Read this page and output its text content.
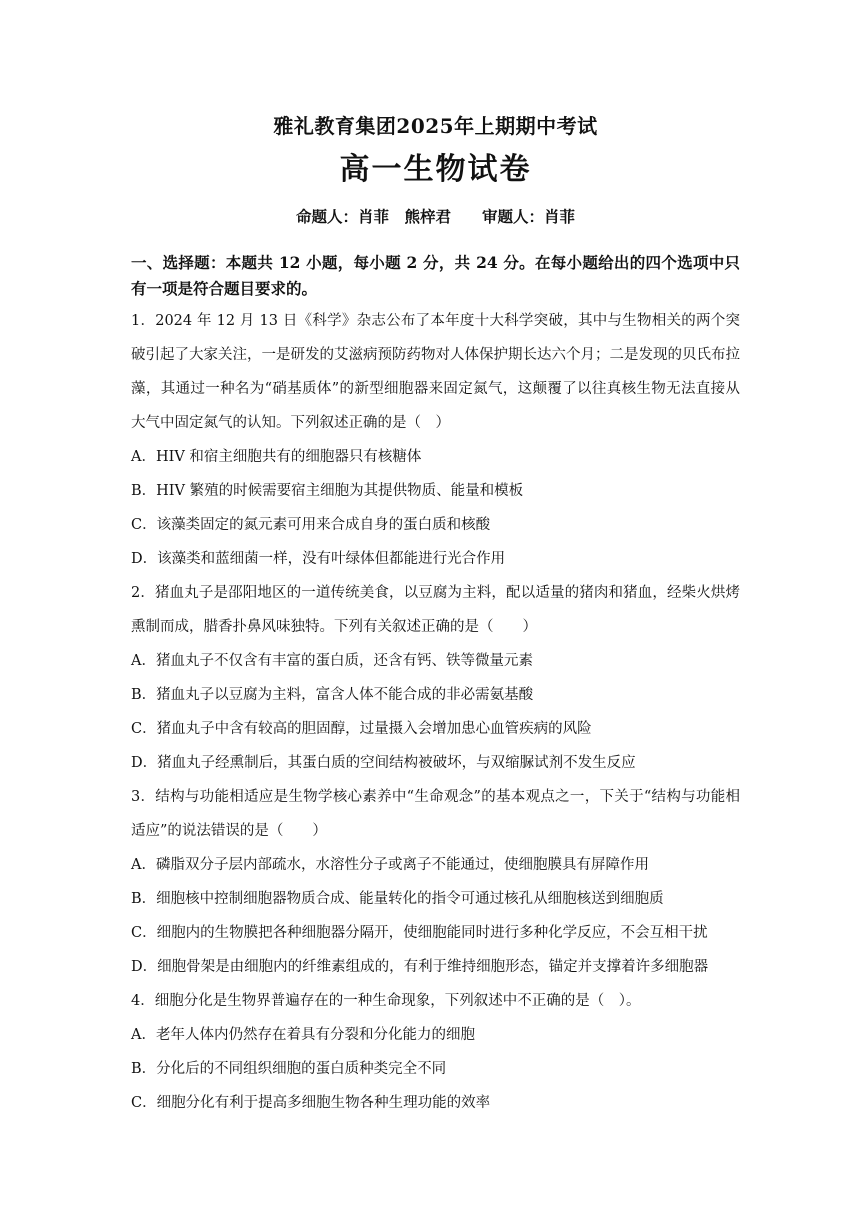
雅礼教育集团2025年上期期中考试
高一生物试卷
命题人：肖菲　熊梓君　　审题人：肖菲
一、选择题：本题共 12 小题，每小题 2 分，共 24 分。在每小题给出的四个选项中只有一项是符合题目要求的。

1．2024 年 12 月 13 日《科学》杂志公布了本年度十大科学突破，其中与生物相关的两个突破引起了大家关注，一是研发的艾滋病预防药物对人体保护期长达六个月；二是发现的贝氏布拉藻，其通过一种名为“硝基质体”的新型细胞器来固定氮气，这颠覆了以往真核生物无法直接从大气中固定氮气的认知。下列叙述正确的是（　）

A．HIV 和宿主细胞共有的细胞器只有核糖体

B．HIV 繁殖的时候需要宿主细胞为其提供物质、能量和模板

C．该藻类固定的氮元素可用来合成自身的蛋白质和核酸

D．该藻类和蓝细菌一样，没有叶绿体但都能进行光合作用

2．猪血丸子是邵阳地区的一道传统美食，以豆腐为主料，配以适量的猪肉和猪血，经柴火烘烤熏制而成，腊香扑鼻风味独特。下列有关叙述正确的是（　　）

A．猪血丸子不仅含有丰富的蛋白质，还含有钙、铁等微量元素

B．猪血丸子以豆腐为主料，富含人体不能合成的非必需氨基酸

C．猪血丸子中含有较高的胆固醇，过量摄入会增加患心血管疾病的风险

D．猪血丸子经熏制后，其蛋白质的空间结构被破坏，与双缩脲试剂不发生反应

3．结构与功能相适应是生物学核心素养中“生命观念”的基本观点之一，下关于“结构与功能相适应”的说法错误的是（　　）

A．磷脂双分子层内部疏水，水溶性分子或离子不能通过，使细胞膜具有屏障作用

B．细胞核中控制细胞器物质合成、能量转化的指令可通过核孔从细胞核送到细胞质

C．细胞内的生物膜把各种细胞器分隔开，使细胞能同时进行多种化学反应，不会互相干扰

D．细胞骨架是由细胞内的纤维素组成的，有利于维持细胞形态，锚定并支撑着许多细胞器

4．细胞分化是生物界普遍存在的一种生命现象，下列叙述中不正确的是（　）。

A．老年人体内仍然存在着具有分裂和分化能力的细胞

B．分化后的不同组织细胞的蛋白质种类完全不同

C．细胞分化有利于提高多细胞生物各种生理功能的效率
